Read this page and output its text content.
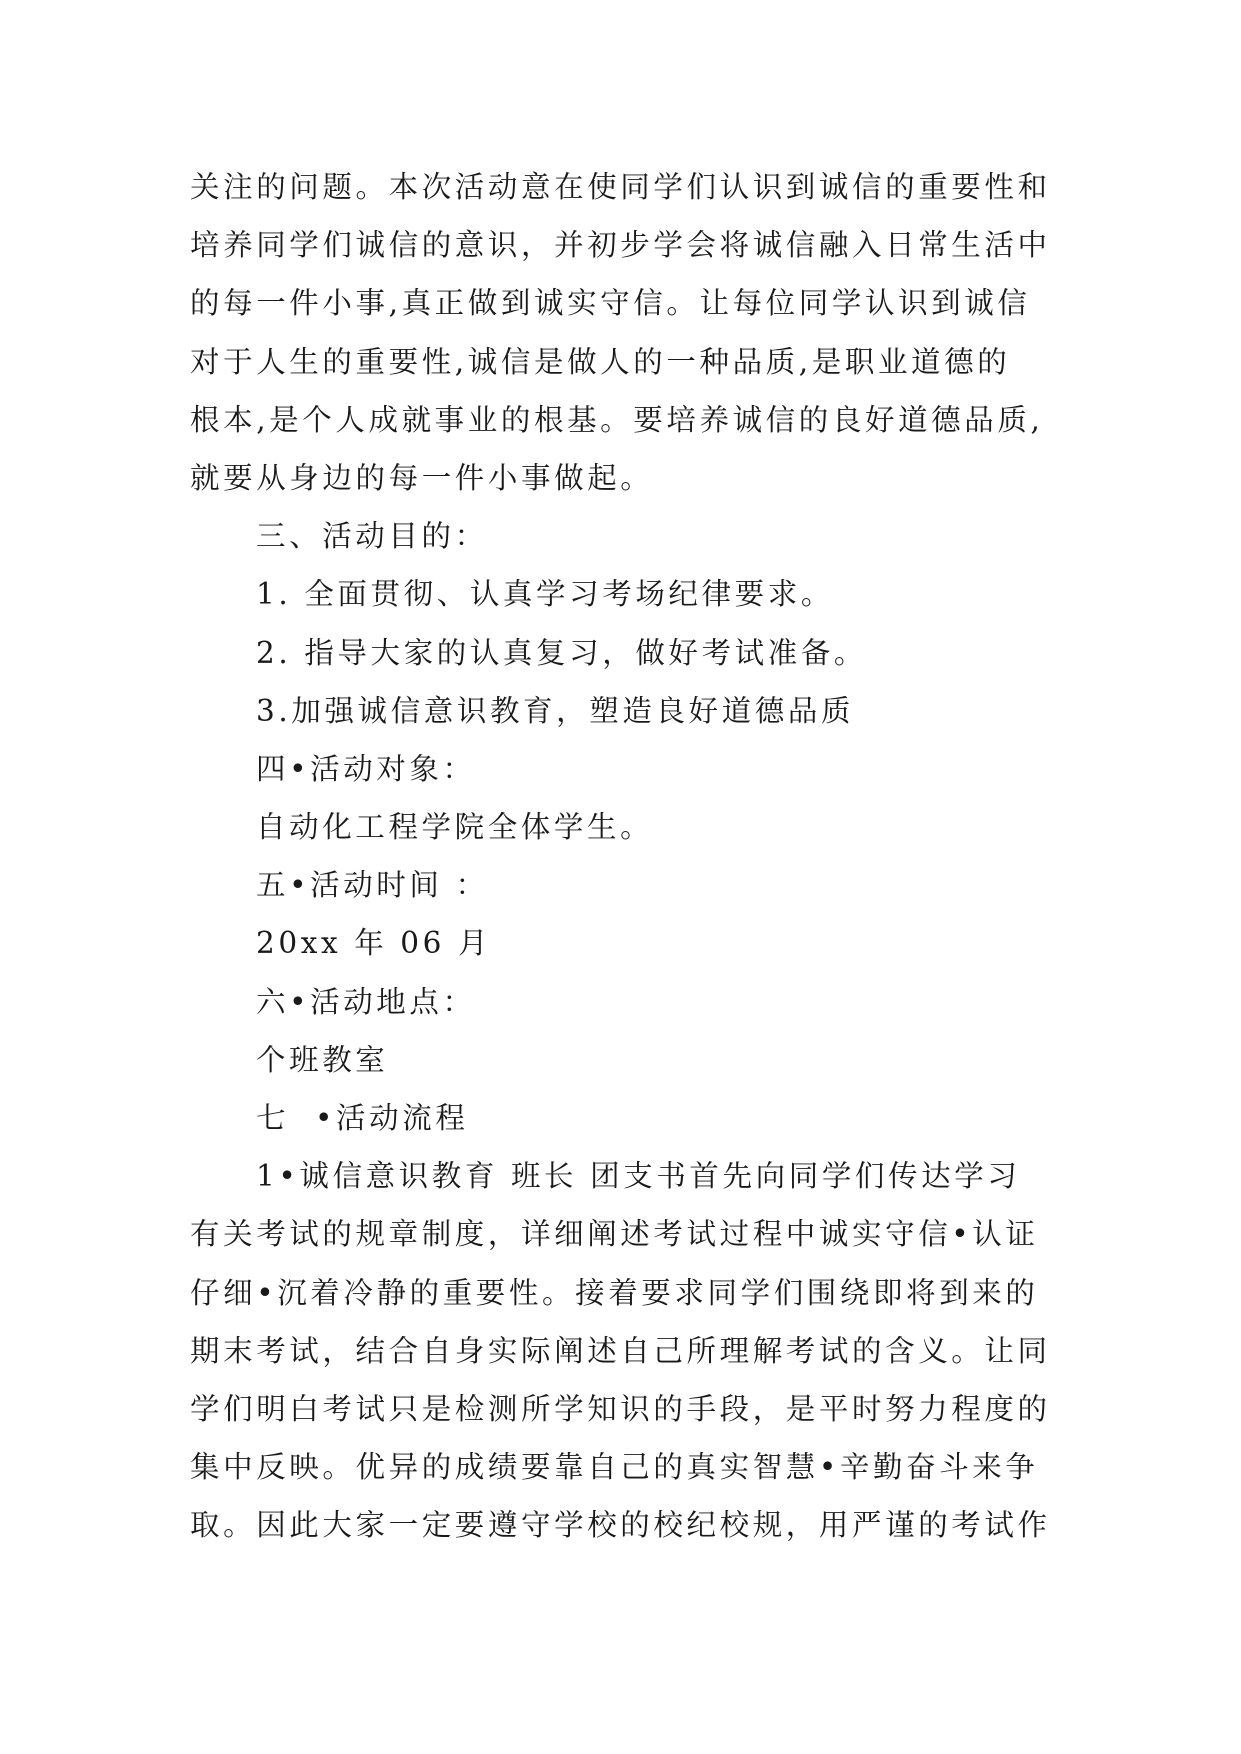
关注的问题。本次活动意在使同学们认识到诚信的重要性和
培养同学们诚信的意识，并初步学会将诚信融入日常生活中
的每一件小事,真正做到诚实守信。让每位同学认识到诚信
对于人生的重要性,诚信是做人的一种品质,是职业道德的
根本,是个人成就事业的根基。要培养诚信的良好道德品质,
就要从身边的每一件小事做起。
三、活动目的：
1. 全面贯彻、认真学习考场纪律要求。
2. 指导大家的认真复习，做好考试准备。
3.加强诚信意识教育，塑造良好道德品质
四•活动对象：
自动化工程学院全体学生。
五•活动时间 ：
20xx 年 06 月
六•活动地点：
个班教室
七  •活动流程
1•诚信意识教育 班长 团支书首先向同学们传达学习
有关考试的规章制度，详细阐述考试过程中诚实守信•认证
仔细•沉着冷静的重要性。接着要求同学们围绕即将到来的
期末考试，结合自身实际阐述自己所理解考试的含义。让同
学们明白考试只是检测所学知识的手段，是平时努力程度的
集中反映。优异的成绩要靠自己的真实智慧•辛勤奋斗来争
取。因此大家一定要遵守学校的校纪校规，用严谨的考试作
